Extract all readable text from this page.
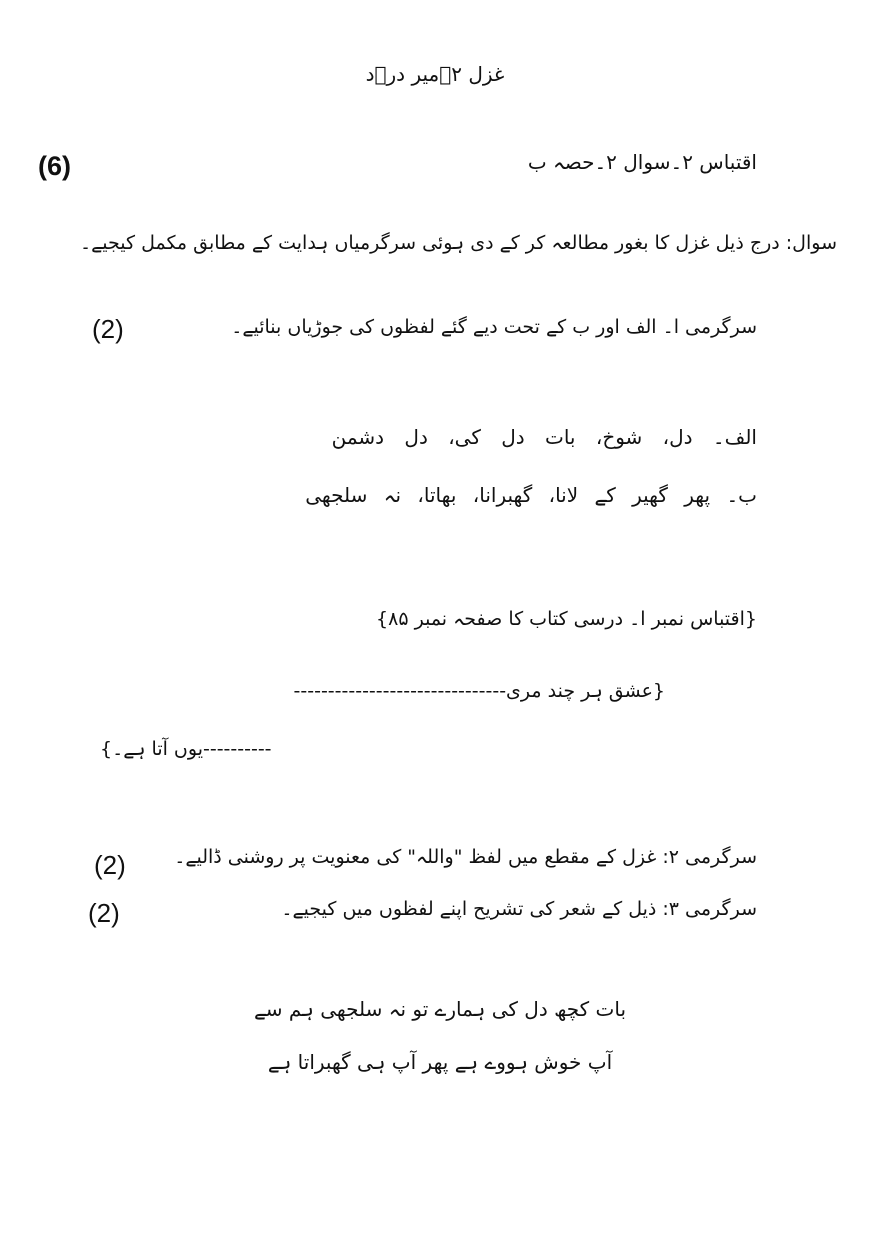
غزل ۲۔میر درؔد
اقتباس ۲۔سوال ۲۔حصہ ب
(6)
سوال: درج ذیل غزل کا بغور مطالعہ کر کے دی ہوئی سرگرمیاں ہدایت کے مطابق مکمل کیجیے۔
سرگرمی ا۔ الف اور ب کے تحت دیے گئے لفظوں کی جوڑیاں بنائیے۔
(2)
الف۔ دل، شوخ، بات دل کی، دل دشمن
ب۔ پھر گھیر کے لانا، گھبرانا، بھاتا، نہ سلجھی
{اقتباس نمبر ا۔ درسی کتاب کا صفحہ نمبر ۸۵}
{عشق ہر چند مری-------------------------------
----------یوں آتا ہے۔}
سرگرمی ۲: غزل کے مقطع میں لفظ "واللہ" کی معنویت پر روشنی ڈالیے۔
(2)
سرگرمی ۳: ذیل کے شعر کی تشریح اپنے لفظوں میں کیجیے۔
(2)
بات کچھ دل کی ہمارے تو نہ سلجھی ہم سے
آپ خوش ہووے ہے پھر آپ ہی گھبراتا ہے
